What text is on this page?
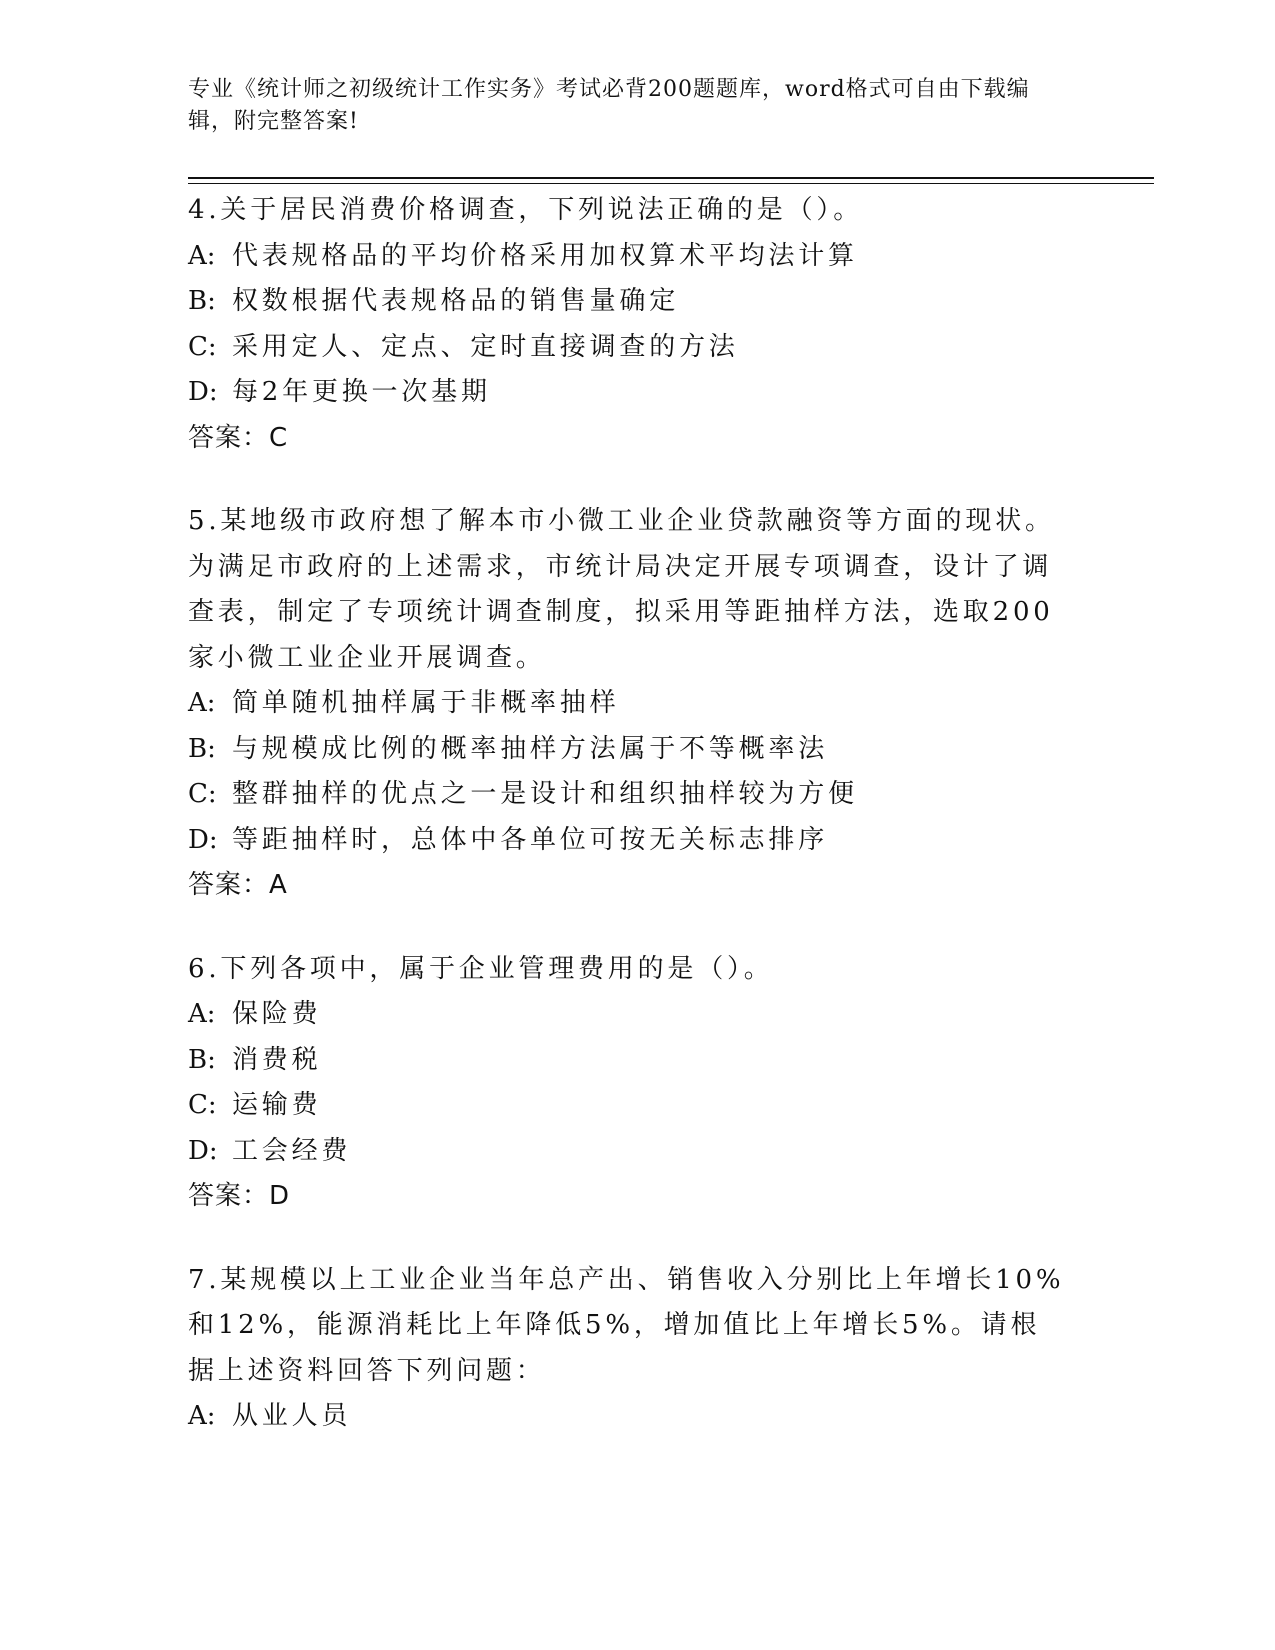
专业《统计师之初级统计工作实务》考试必背200题题库，word格式可自由下载编辑，附完整答案!
4.关于居民消费价格调查，下列说法正确的是（）。
A: 代表规格品的平均价格采用加权算术平均法计算
B: 权数根据代表规格品的销售量确定
C: 采用定人、定点、定时直接调查的方法
D: 每2年更换一次基期
答案：C
5.某地级市政府想了解本市小微工业企业贷款融资等方面的现状。为满足市政府的上述需求，市统计局决定开展专项调查，设计了调查表，制定了专项统计调查制度，拟采用等距抽样方法，选取200家小微工业企业开展调查。
A: 简单随机抽样属于非概率抽样
B: 与规模成比例的概率抽样方法属于不等概率法
C: 整群抽样的优点之一是设计和组织抽样较为方便
D: 等距抽样时，总体中各单位可按无关标志排序
答案：A
6.下列各项中，属于企业管理费用的是（）。
A: 保险费
B: 消费税
C: 运输费
D: 工会经费
答案：D
7.某规模以上工业企业当年总产出、销售收入分别比上年增长10%和12%，能源消耗比上年降低5%，增加值比上年增长5%。请根据上述资料回答下列问题：
A: 从业人员
